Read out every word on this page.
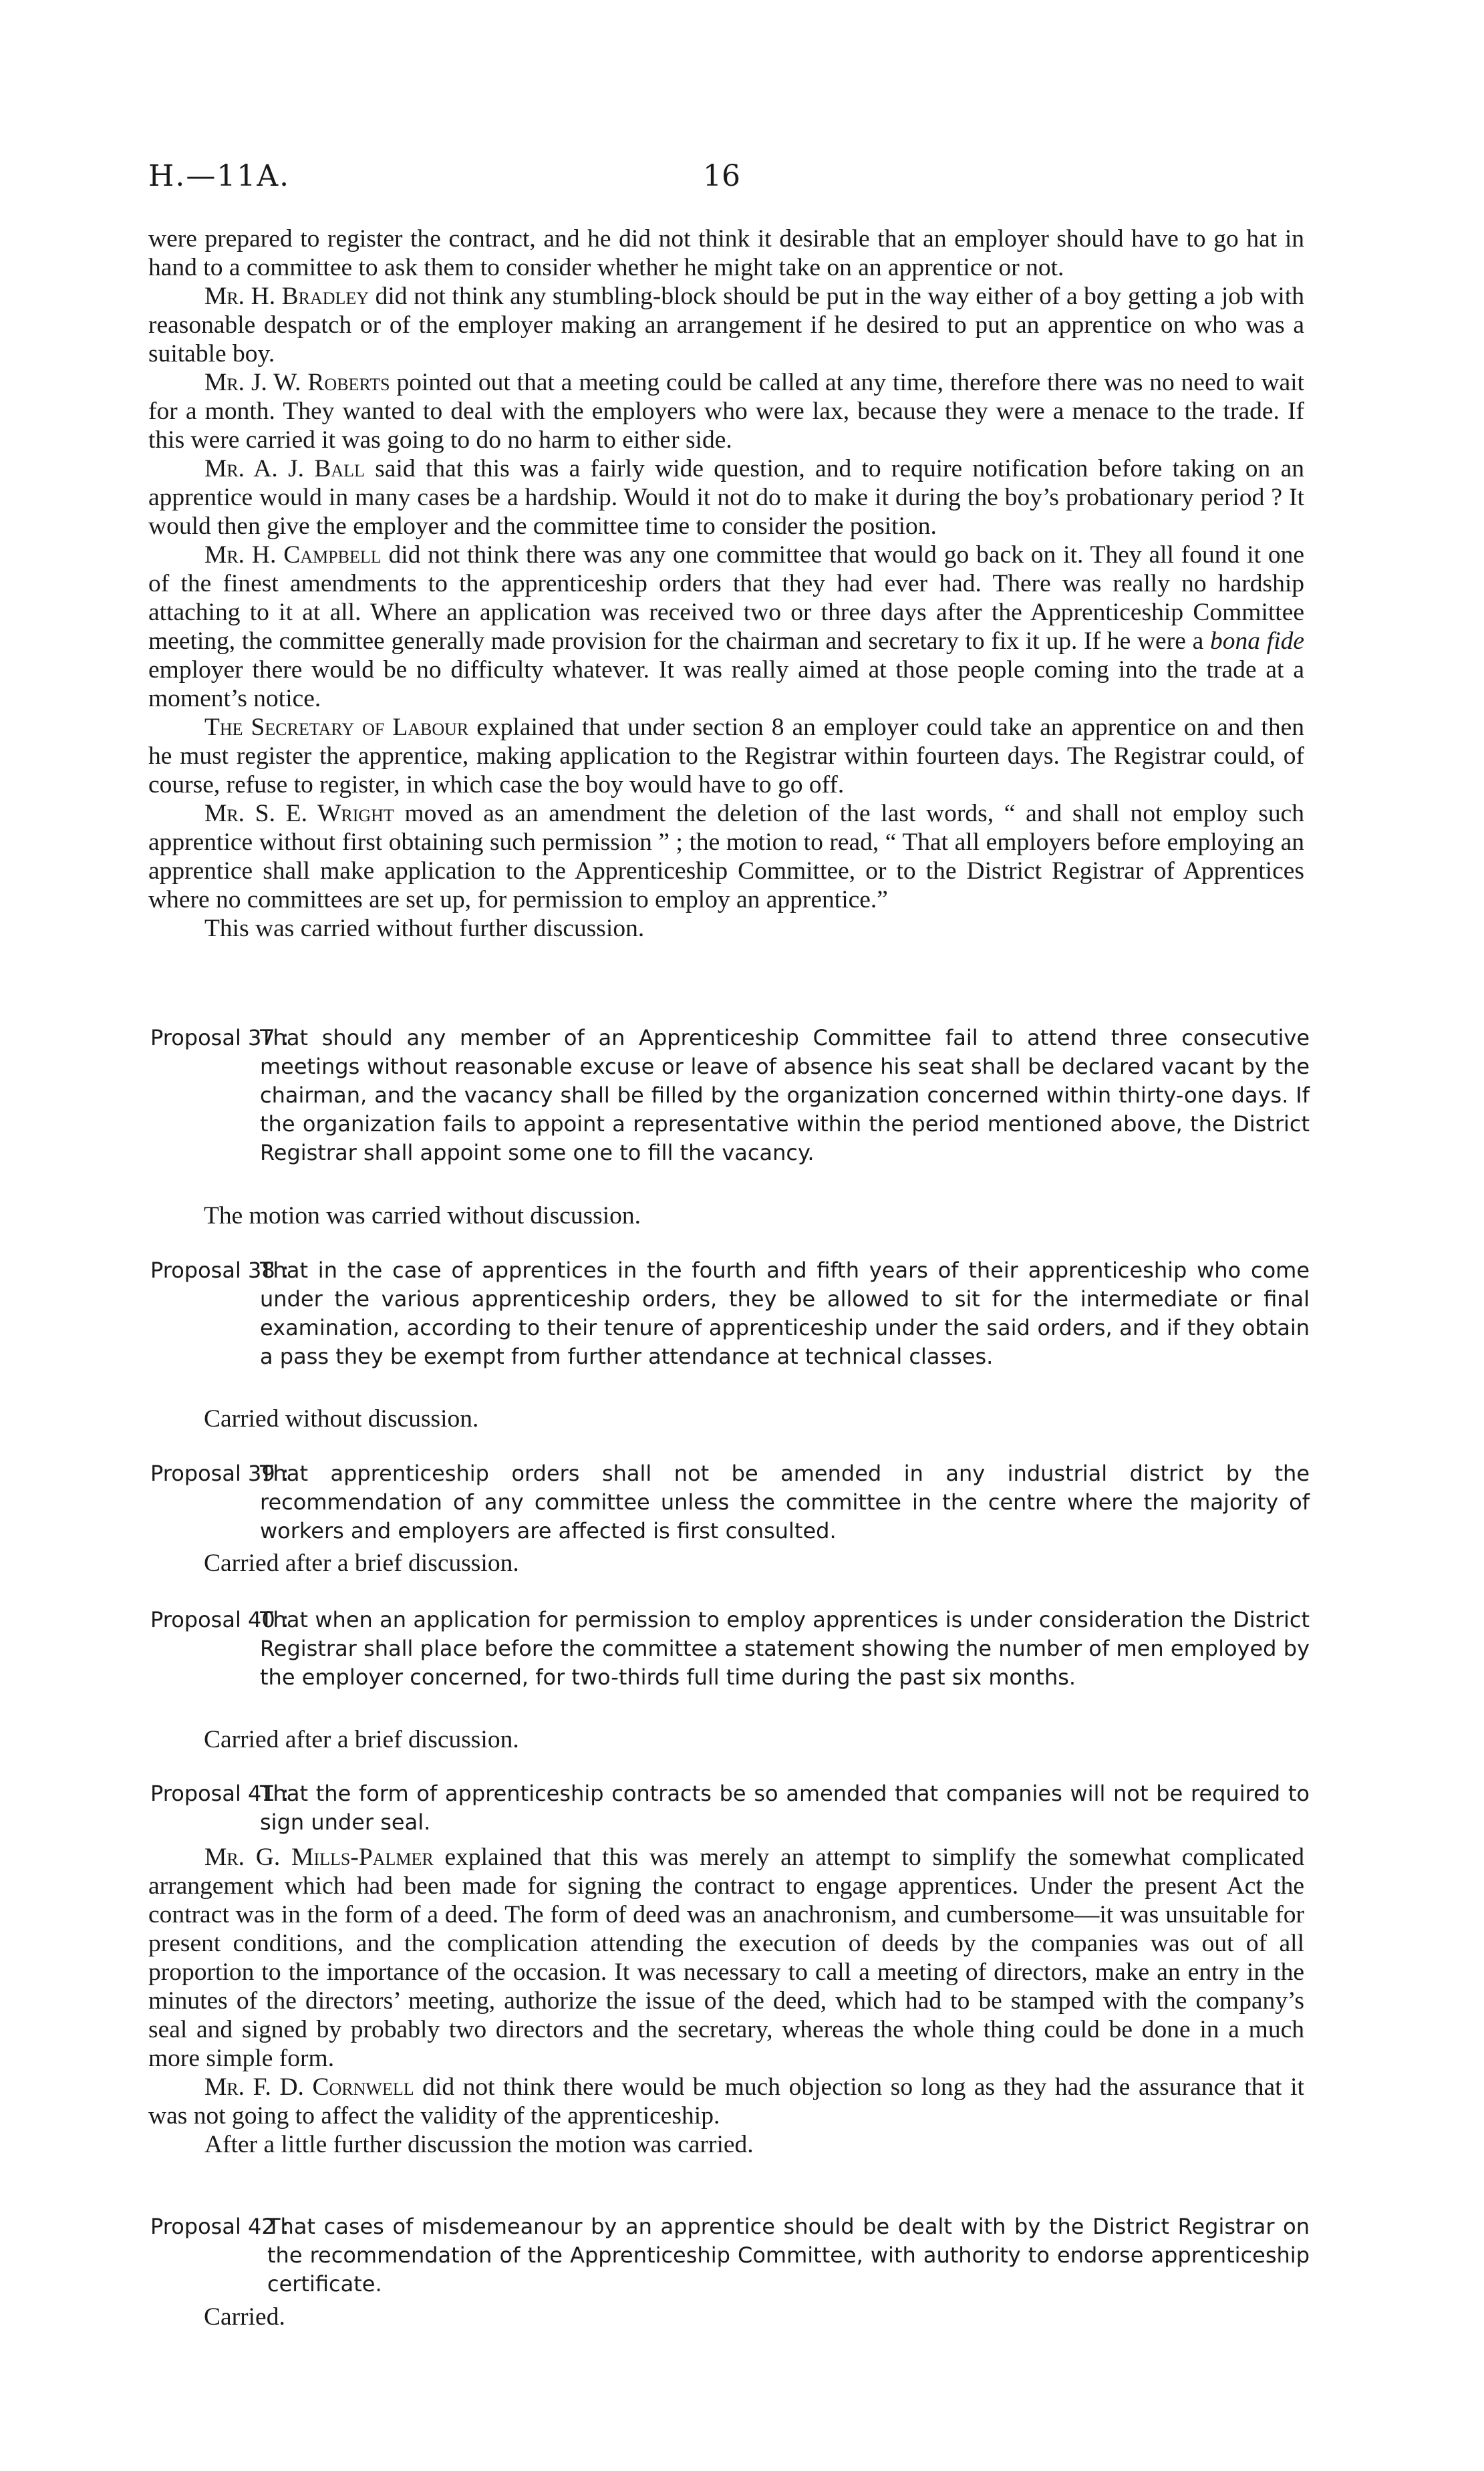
H.—11A.	16

were prepared to register the contract, and he did not think it desirable that an employer should have to go hat in hand to a committee to ask them to consider whether he might take on an apprentice or not.

Mr. H. Bradley did not think any stumbling-block should be put in the way either of a boy getting a job with reasonable despatch or of the employer making an arrangement if he desired to put an apprentice on who was a suitable boy.

Mr. J. W. Roberts pointed out that a meeting could be called at any time, therefore there was no need to wait for a month. They wanted to deal with the employers who were lax, because they were a menace to the trade. If this were carried it was going to do no harm to either side.

Mr. A. J. Ball said that this was a fairly wide question, and to require notification before taking on an apprentice would in many cases be a hardship. Would it not do to make it during the boy’s probationary period ? It would then give the employer and the committee time to consider the position.

Mr. H. Campbell did not think there was any one committee that would go back on it. They all found it one of the finest amendments to the apprenticeship orders that they had ever had. There was really no hardship attaching to it at all. Where an application was received two or three days after the Apprenticeship Committee meeting, the committee generally made provision for the chairman and secretary to fix it up. If he were a bona fide employer there would be no difficulty whatever. It was really aimed at those people coming into the trade at a moment’s notice.

The Secretary of Labour explained that under section 8 an employer could take an apprentice on and then he must register the apprentice, making application to the Registrar within fourteen days. The Registrar could, of course, refuse to register, in which case the boy would have to go off.

Mr. S. E. Wright moved as an amendment the deletion of the last words, “ and shall not employ such apprentice without first obtaining such permission ” ; the motion to read, “ That all employers before employing an apprentice shall make application to the Apprenticeship Committee, or to the District Registrar of Apprentices where no committees are set up, for permission to employ an apprentice.”

This was carried without further discussion.

Proposal 37 :
That should any member of an Apprenticeship Committee fail to attend three consecutive meetings without reasonable excuse or leave of absence his seat shall be declared vacant by the chairman, and the vacancy shall be filled by the organization concerned within thirty-one days. If the organization fails to appoint a representative within the period mentioned above, the District Registrar shall appoint some one to fill the vacancy.
The motion was carried without discussion.
Proposal 38 :
That in the case of apprentices in the fourth and fifth years of their apprenticeship who come under the various apprenticeship orders, they be allowed to sit for the intermediate or final examination, according to their tenure of apprenticeship under the said orders, and if they obtain a pass they be exempt from further attendance at technical classes.
Carried without discussion.
Proposal 39 :
That apprenticeship orders shall not be amended in any industrial district by the recommendation of any committee unless the committee in the centre where the majority of workers and employers are affected is first consulted.
Carried after a brief discussion.
Proposal 40 :
That when an application for permission to employ apprentices is under consideration the District Registrar shall place before the committee a statement showing the number of men employed by the employer concerned, for two-thirds full time during the past six months.
Carried after a brief discussion.
Proposal 41 :
That the form of apprenticeship contracts be so amended that companies will not be required to sign under seal.

Mr. G. Mills-Palmer explained that this was merely an attempt to simplify the somewhat complicated arrangement which had been made for signing the contract to engage apprentices. Under the present Act the contract was in the form of a deed. The form of deed was an anachronism, and cumbersome—it was unsuitable for present conditions, and the complication attending the execution of deeds by the companies was out of all proportion to the importance of the occasion. It was necessary to call a meeting of directors, make an entry in the minutes of the directors’ meeting, authorize the issue of the deed, which had to be stamped with the company’s seal and signed by probably two directors and the secretary, whereas the whole thing could be done in a much more simple form.

Mr. F. D. Cornwell did not think there would be much objection so long as they had the assurance that it was not going to affect the validity of the apprenticeship.

After a little further discussion the motion was carried.

Proposal 42 :
That cases of misdemeanour by an apprentice should be dealt with by the District Registrar on the recommendation of the Apprenticeship Committee, with authority to endorse apprenticeship certificate.
Carried.
